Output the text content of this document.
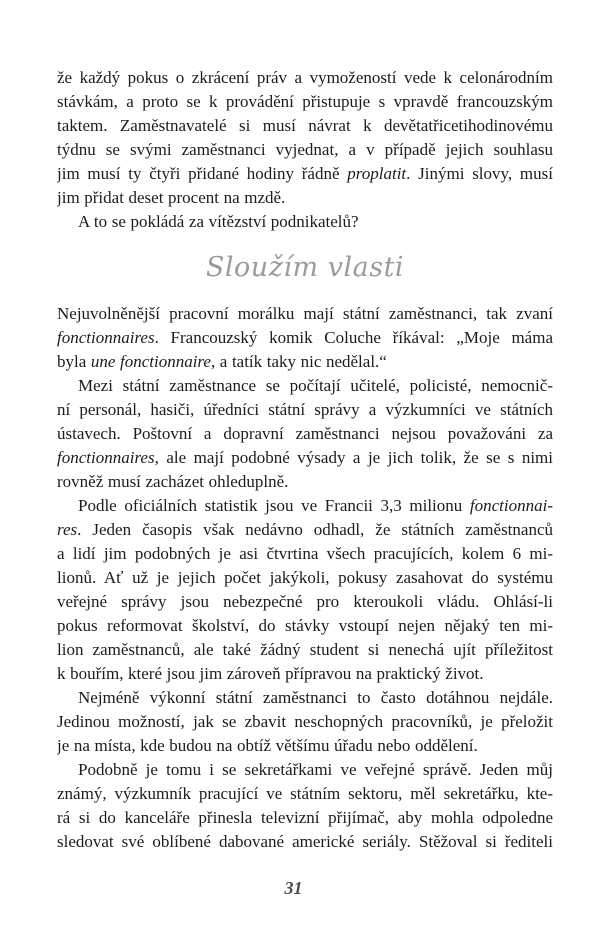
že každý pokus o zkrácení práv a vymožeností vede k celonárodním
stávkám, a proto se k provádění přistupuje s vpravdě francouzským
taktem. Zaměstnavatelé si musí návrat k devětatřicetihodinovému
týdnu se svými zaměstnanci vyjednat, a v případě jejich souhlasu
jim musí ty čtyři přidané hodiny řádně proplatit. Jinými slovy, musí
jim přidat deset procent na mzdě.
A to se pokládá za vítězství podnikatelů?
Sloužím vlasti
Nejuvolněnější pracovní morálku mají státní zaměstnanci, tak zvaní
fonctionnaires. Francouzský komik Coluche říkával: „Moje máma
byla une fonctionnaire, a tatík taky nic nedělal.“
Mezi státní zaměstnance se počítají učitelé, policisté, nemocnič-
ní personál, hasiči, úředníci státní správy a výzkumníci ve státních
ústavech. Poštovní a dopravní zaměstnanci nejsou považováni za
fonctionnaires, ale mají podobné výsady a je jich tolik, že se s nimi
rovněž musí zacházet ohleduplně.
Podle oficiálních statistik jsou ve Francii 3,3 milionu fonctionnai-
res. Jeden časopis však nedávno odhadl, že státních zaměstnanců
a lidí jim podobných je asi čtvrtina všech pracujících, kolem 6 mi-
lionů. Ať už je jejich počet jakýkoli, pokusy zasahovat do systému
veřejné správy jsou nebezpečné pro kteroukoli vládu. Ohlásí-li
pokus reformovat školství, do stávky vstoupí nejen nějaký ten mi-
lion zaměstnanců, ale také žádný student si nenechá ujít příležitost
k bouřím, které jsou jim zároveň přípravou na praktický život.
Nejméně výkonní státní zaměstnanci to často dotáhnou nejdále.
Jedinou možností, jak se zbavit neschopných pracovníků, je přeložit
je na místa, kde budou na obtíž většímu úřadu nebo oddělení.
Podobně je tomu i se sekretářkami ve veřejné správě. Jeden můj
známý, výzkumník pracující ve státním sektoru, měl sekretářku, kte-
rá si do kanceláře přinesla televizní přijímač, aby mohla odpoledne
sledovat své oblíbené dabované americké seriály. Stěžoval si řediteli
31
